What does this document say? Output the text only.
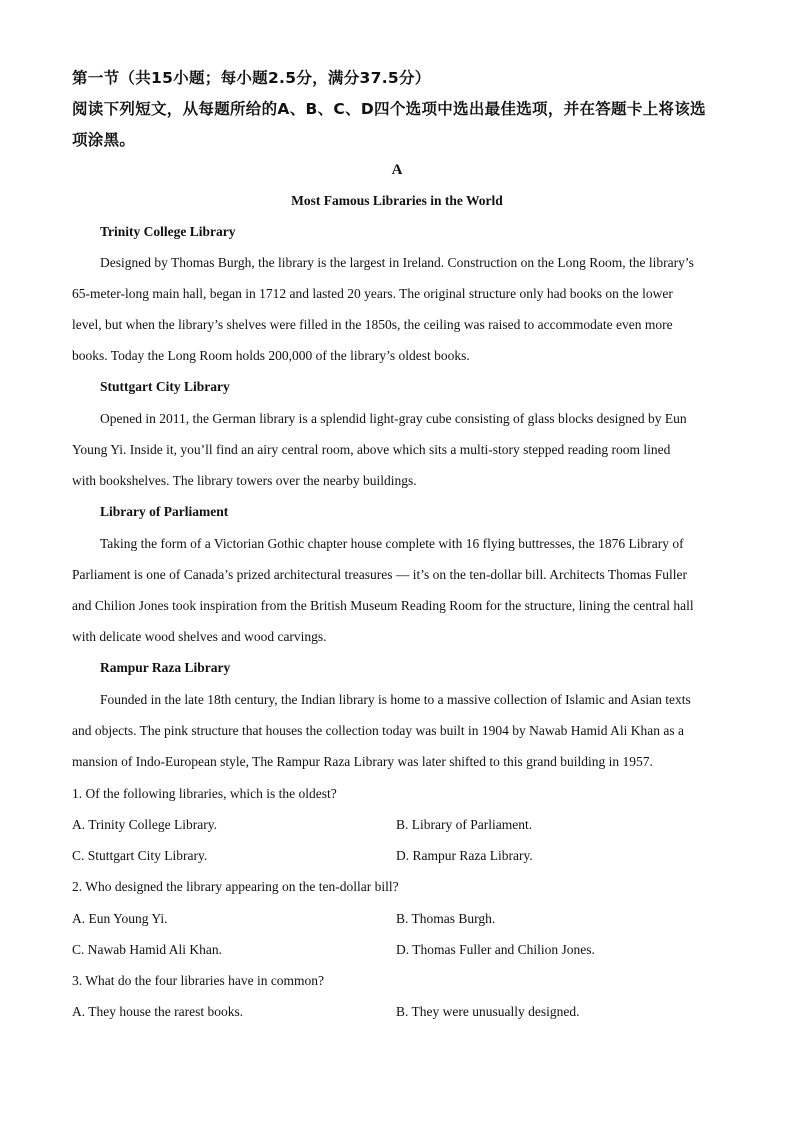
第一节（共15小题；每小题2.5分，满分37.5分）
阅读下列短文，从每题所给的A、B、C、D四个选项中选出最佳选项，并在答题卡上将该选
项涂黑。
A
Most Famous Libraries in the World
Trinity College Library
Designed by Thomas Burgh, the library is the largest in Ireland. Construction on the Long Room, the library’s
65-meter-long main hall, began in 1712 and lasted 20 years. The original structure only had books on the lower
level, but when the library’s shelves were filled in the 1850s, the ceiling was raised to accommodate even more
books. Today the Long Room holds 200,000 of the library’s oldest books.
Stuttgart City Library
Opened in 2011, the German library is a splendid light-gray cube consisting of glass blocks designed by Eun
Young Yi. Inside it, you’ll find an airy central room, above which sits a multi-story stepped reading room lined
with bookshelves. The library towers over the nearby buildings.
Library of Parliament
Taking the form of a Victorian Gothic chapter house complete with 16 flying buttresses, the 1876 Library of
Parliament is one of Canada’s prized architectural treasures — it’s on the ten-dollar bill. Architects Thomas Fuller
and Chilion Jones took inspiration from the British Museum Reading Room for the structure, lining the central hall
with delicate wood shelves and wood carvings.
Rampur Raza Library
Founded in the late 18th century, the Indian library is home to a massive collection of Islamic and Asian texts
and objects. The pink structure that houses the collection today was built in 1904 by Nawab Hamid Ali Khan as a
mansion of Indo-European style, The Rampur Raza Library was later shifted to this grand building in 1957.
1. Of the following libraries, which is the oldest?
A. Trinity College Library.	B. Library of Parliament.
C. Stuttgart City Library.	D. Rampur Raza Library.
2. Who designed the library appearing on the ten-dollar bill?
A. Eun Young Yi.	B. Thomas Burgh.
C. Nawab Hamid Ali Khan.	D. Thomas Fuller and Chilion Jones.
3. What do the four libraries have in common?
A. They house the rarest books.	B. They were unusually designed.
